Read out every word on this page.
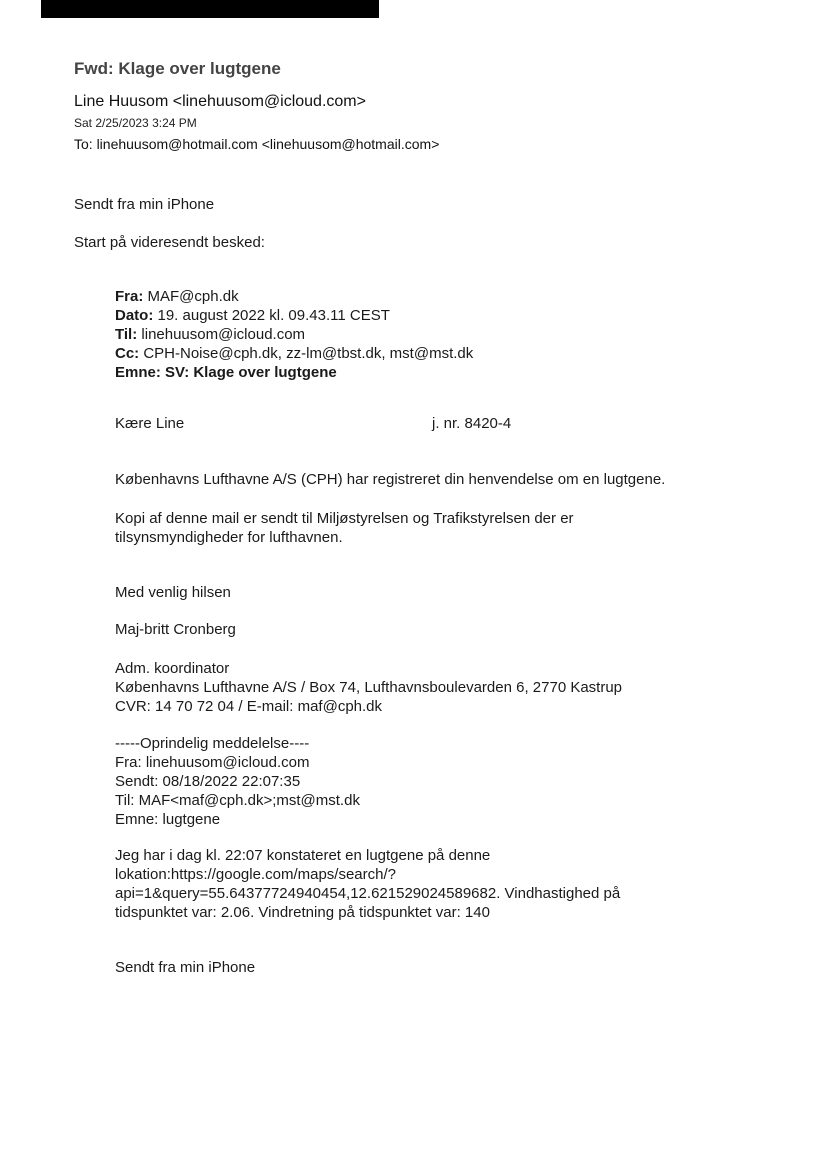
Fwd: Klage over lugtgene
Line Huusom <linehuusom@icloud.com>
Sat 2/25/2023 3:24 PM
To: linehuusom@hotmail.com <linehuusom@hotmail.com>
Sendt fra min iPhone
Start på videresendt besked:
Fra: MAF@cph.dk
Dato: 19. august 2022 kl. 09.43.11 CEST
Til: linehuusom@icloud.com
Cc: CPH-Noise@cph.dk, zz-lm@tbst.dk, mst@mst.dk
Emne: SV: Klage over lugtgene
Kære Line	j. nr. 8420-4
Københavns Lufthavne A/S (CPH) har registreret din henvendelse om en lugtgene.
Kopi af denne mail er sendt til Miljøstyrelsen og Trafikstyrelsen der er
tilsynsmyndigheder for lufthavnen.
Med venlig hilsen
Maj-britt Cronberg
Adm. koordinator
Københavns Lufthavne A/S / Box 74, Lufthavnsboulevarden 6, 2770 Kastrup
CVR: 14 70 72 04 / E-mail: maf@cph.dk
-----Oprindelig meddelelse----
Fra: linehuusom@icloud.com
Sendt: 08/18/2022 22:07:35
Til: MAF<maf@cph.dk>;mst@mst.dk
Emne: lugtgene
Jeg har i dag kl. 22:07 konstateret en lugtgene på denne
lokation:https://google.com/maps/search/?
api=1&query=55.64377724940454,12.621529024589682. Vindhastighed på
tidspunktet var: 2.06. Vindretning på tidspunktet var: 140
Sendt fra min iPhone
